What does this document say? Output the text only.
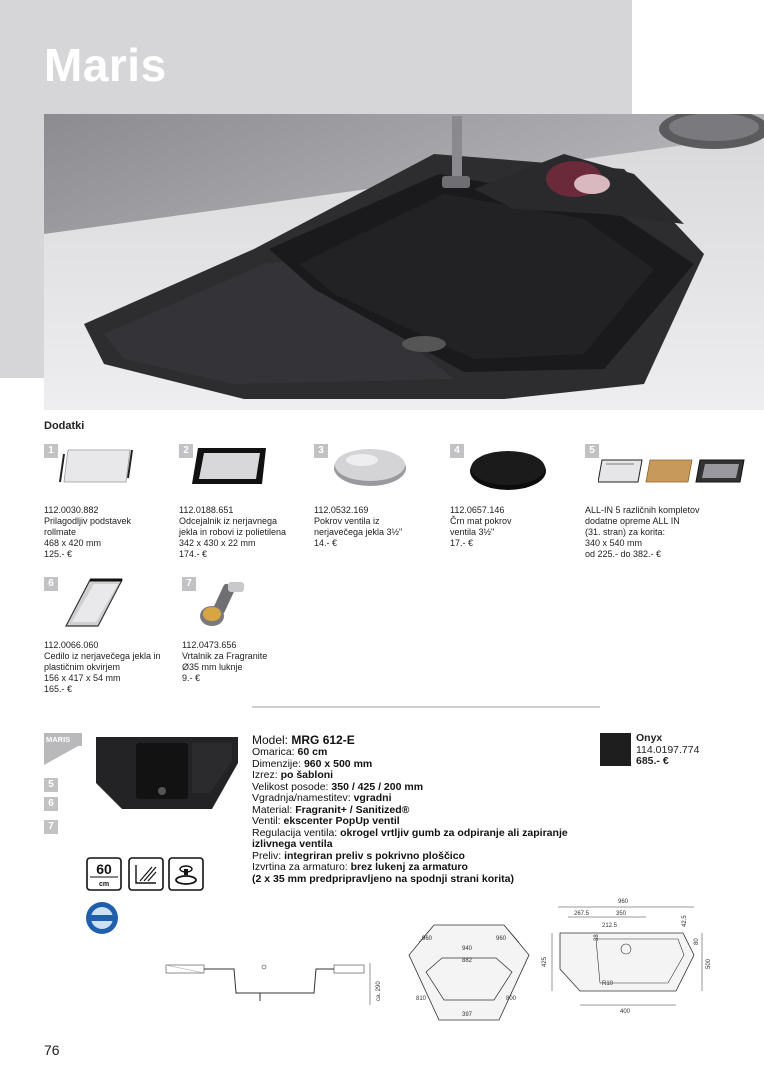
Maris
Dodatki
1
112.0030.882
Prilagodljiv podstavek
rollmate
468 x 420 mm
125.- €
2
112.0188.651
Odcejalnik iz nerjavnega
jekla in robovi iz polietilena
342 x 430 x 22 mm
174.- €
3
112.0532.169
Pokrov ventila iz
nerjavečega jekla 3½"
14.- €
4
112.0657.146
Črn mat pokrov
ventila 3½"
17.- €
5
ALL-IN 5 različnih kompletov
dodatne opreme ALL IN
(31. stran) za korita:
340 x 540 mm
od 225.- do 382.- €
6
112.0066.060
Cedilo iz nerjavečega jekla in
plastičnim okvirjem
156 x 417 x 54 mm
165.- €
7
112.0473.656
Vrtalnik za Fragranite
Ø35 mm luknje
9.- €
MARIS
5
6
7
60
cm
Model: MRG 612-E
Omarica: 60 cm
Dimenzije: 960 x 500 mm
Izrez: po šabloni
Velikost posode: 350 / 425 / 200 mm
Vgradnja/namestitev: vgradni
Material: Fragranit+ / Sanitized®
Ventil: ekscenter PopUp ventil
Regulacija ventila: okrogel vrtljiv gumb za odpiranje ali zapiranje
izlivnega ventila
Preliv: integriran preliv s pokrivno ploščico
Izvrtina za armaturo: brez lukenj za armaturo
(2 x 35 mm predpripravljeno na spodnji strani korita)
Onyx
114.0197.774
685.- €
ca. 290
960	960
940
882
810	800
397
960
267.5	350
212.5
425
42.5
80
500
R10
400
38
76
